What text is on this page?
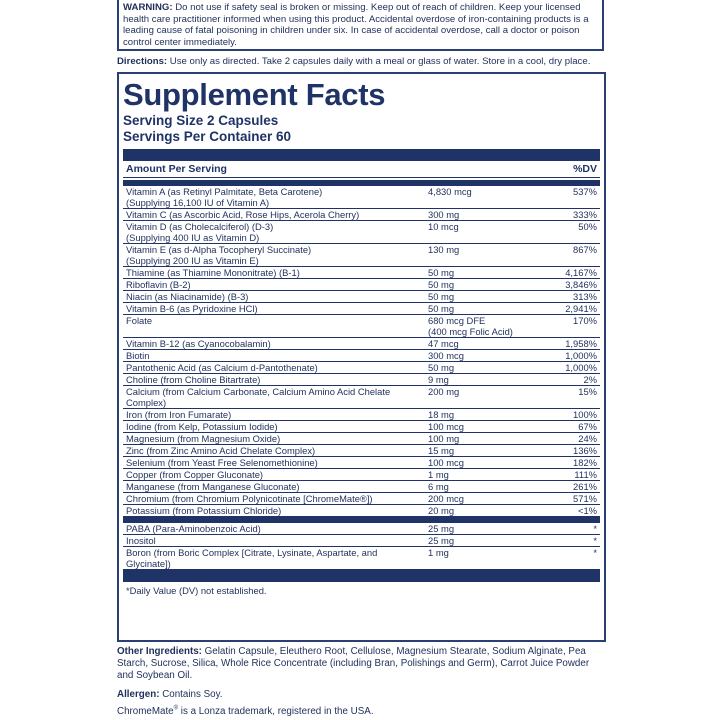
WARNING: Do not use if safety seal is broken or missing. Keep out of reach of children. Keep your licensed health care practitioner informed when using this product. Accidental overdose of iron-containing products is a leading cause of fatal poisoning in children under six. In case of accidental overdose, call a doctor or poison control center immediately.
Directions: Use only as directed. Take 2 capsules daily with a meal or glass of water. Store in a cool, dry place.
Supplement Facts
Serving Size 2 Capsules
Servings Per Container 60
Amount Per Serving	%DV
Vitamin A (as Retinyl Palmitate, Beta Carotene)
(Supplying 16,100 IU of Vitamin A)	4,830 mcg	537%

Vitamin C (as Ascorbic Acid, Rose Hips, Acerola Cherry)	300 mg	333%

Vitamin D (as Cholecalciferol) (D-3)
(Supplying 400 IU as Vitamin D)	10 mcg	50%

Vitamin E (as d-Alpha Tocopheryl Succinate)
(Supplying 200 IU as Vitamin E)	130 mg	867%

Thiamine (as Thiamine Mononitrate) (B-1)	50 mg	4,167%

Riboflavin (B-2)	50 mg	3,846%

Niacin (as Niacinamide) (B-3)	50 mg	313%

Vitamin B-6 (as Pyridoxine HCl)	50 mg	2,941%

Folate	680 mcg DFE
(400 mcg Folic Acid)	170%

Vitamin B-12 (as Cyanocobalamin)	47 mcg	1,958%

Biotin	300 mcg	1,000%

Pantothenic Acid (as Calcium d-Pantothenate)	50 mg	1,000%

Choline (from Choline Bitartrate)	9 mg	2%

Calcium (from Calcium Carbonate, Calcium Amino Acid Chelate Complex)	200 mg	15%

Iron (from Iron Fumarate)	18 mg	100%

Iodine (from Kelp, Potassium Iodide)	100 mcg	67%

Magnesium (from Magnesium Oxide)	100 mg	24%

Zinc (from Zinc Amino Acid Chelate Complex)	15 mg	136%

Selenium (from Yeast Free Selenomethionine)	100 mcg	182%

Copper (from Copper Gluconate)	1 mg	111%

Manganese (from Manganese Gluconate)	6 mg	261%

Chromium (from Chromium Polynicotinate [ChromeMate®])	200 mcg	571%

Potassium (from Potassium Chloride)	20 mg	<1%
PABA (Para-Aminobenzoic Acid)	25 mg	*
Inositol	25 mg	*
Boron (from Boric Complex [Citrate, Lysinate, Aspartate, and Glycinate])	1 mg	*
*Daily Value (DV) not established.
Other Ingredients: Gelatin Capsule, Eleuthero Root, Cellulose, Magnesium Stearate, Sodium Alginate, Pea Starch, Sucrose, Silica, Whole Rice Concentrate (including Bran, Polishings and Germ), Carrot Juice Powder and Soybean Oil.
Allergen: Contains Soy.
ChromeMate® is a Lonza trademark, registered in the USA.
